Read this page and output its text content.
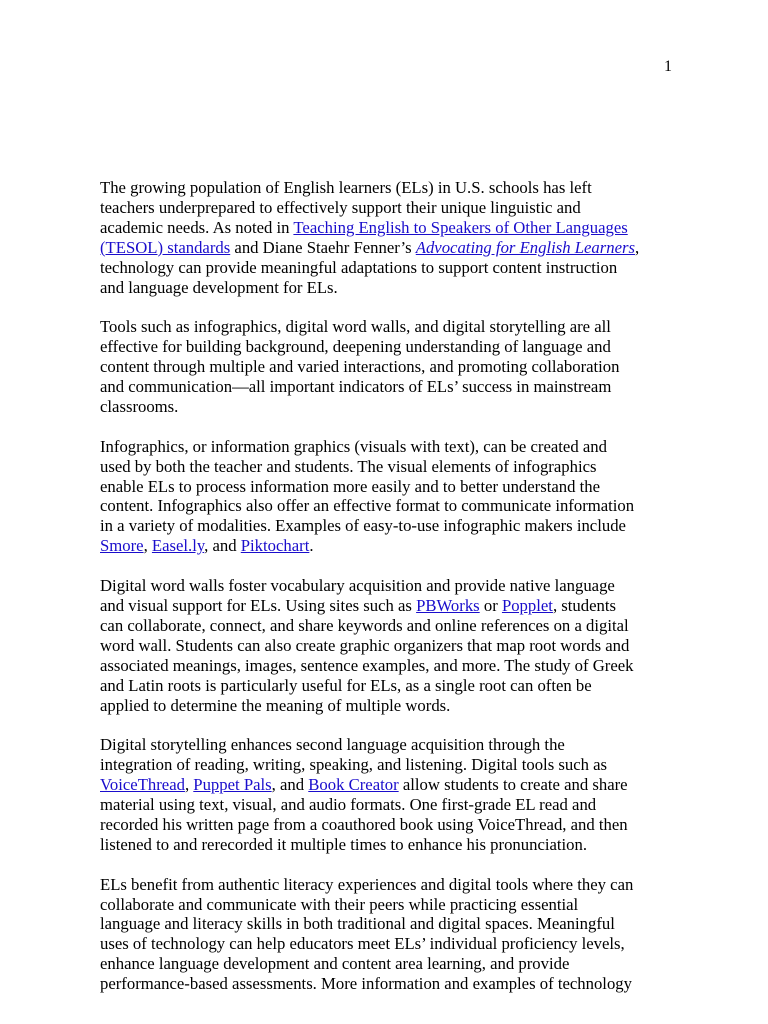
1

The growing population of English learners (ELs) in U.S. schools has left
teachers underprepared to effectively support their unique linguistic and
academic needs. As noted in Teaching English to Speakers of Other Languages
(TESOL) standards and Diane Staehr Fenner’s Advocating for English Learners,
technology can provide meaningful adaptations to support content instruction
and language development for ELs.

Tools such as infographics, digital word walls, and digital storytelling are all
effective for building background, deepening understanding of language and
content through multiple and varied interactions, and promoting collaboration
and communication—all important indicators of ELs’ success in mainstream
classrooms.

Infographics, or information graphics (visuals with text), can be created and
used by both the teacher and students. The visual elements of infographics
enable ELs to process information more easily and to better understand the
content. Infographics also offer an effective format to communicate information
in a variety of modalities. Examples of easy-to-use infographic makers include
Smore, Easel.ly, and Piktochart.

Digital word walls foster vocabulary acquisition and provide native language
and visual support for ELs. Using sites such as PBWorks or Popplet, students
can collaborate, connect, and share keywords and online references on a digital
word wall. Students can also create graphic organizers that map root words and
associated meanings, images, sentence examples, and more. The study of Greek
and Latin roots is particularly useful for ELs, as a single root can often be
applied to determine the meaning of multiple words.

Digital storytelling enhances second language acquisition through the
integration of reading, writing, speaking, and listening. Digital tools such as
VoiceThread, Puppet Pals, and Book Creator allow students to create and share
material using text, visual, and audio formats. One first-grade EL read and
recorded his written page from a coauthored book using VoiceThread, and then
listened to and rerecorded it multiple times to enhance his pronunciation.

ELs benefit from authentic literacy experiences and digital tools where they can
collaborate and communicate with their peers while practicing essential
language and literacy skills in both traditional and digital spaces. Meaningful
uses of technology can help educators meet ELs’ individual proficiency levels,
enhance language development and content area learning, and provide
performance-based assessments. More information and examples of technology
